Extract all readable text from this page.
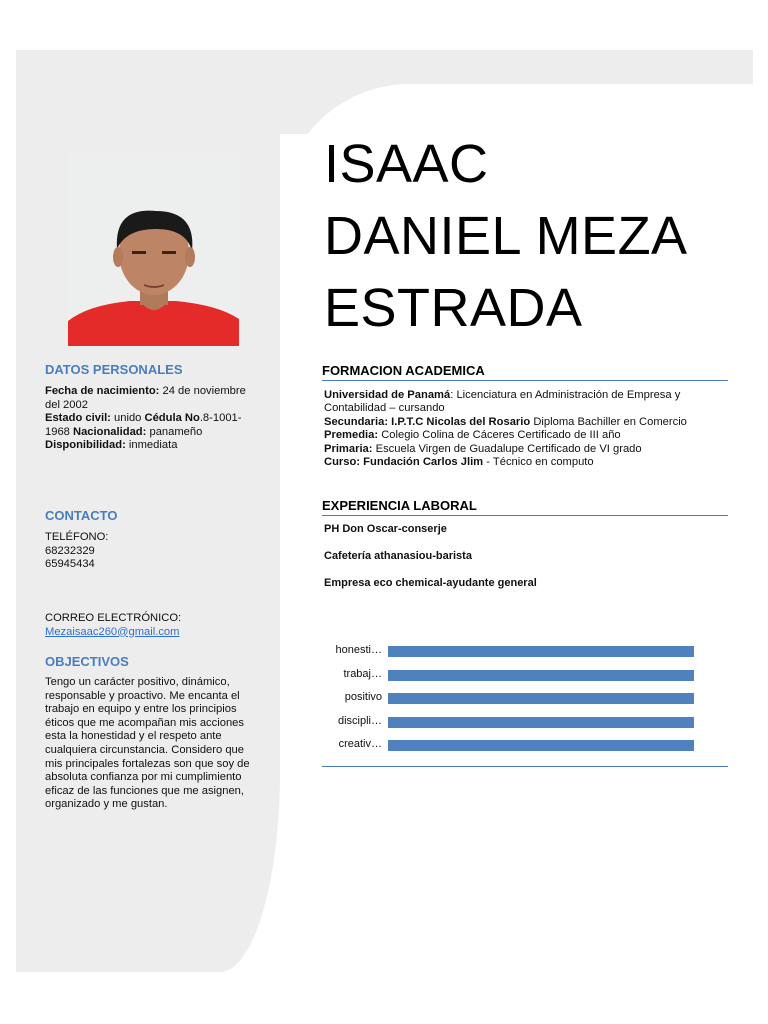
DATOS PERSONALES

Fecha de nacimiento: 24 de noviembre del 2002

Estado civil: unido Cédula No.8-1001-1968 Nacionalidad: panameño

Disponibilidad: inmediata

CONTACTO

TELÉFONO:

68232329

65945434

CORREO ELECTRÓNICO:

Mezaisaac260@gmail.com

OBJECTIVOS
Tengo un carácter positivo, dinámico, responsable y proactivo. Me encanta el trabajo en equipo y entre los principios éticos que me acompañan mis acciones esta la honestidad y el respeto ante cualquiera circunstancia. Considero que mis principales fortalezas son que soy de absoluta confianza por mi cumplimiento eficaz de las funciones que me asignen, organizado y me gustan.
ISAAC
DANIEL MEZA
ESTRADA
FORMACION ACADEMICA

Universidad de Panamá: Licenciatura en Administración de Empresa y Contabilidad – cursando

Secundaria: I.P.T.C Nicolas del Rosario Diploma Bachiller en Comercio

Premedia: Colegio Colina de Cáceres Certificado de III año

Primaria: Escuela Virgen de Guadalupe Certificado de VI grado

Curso: Fundación Carlos Jlim - Técnico en computo

EXPERIENCIA LABORAL
PH Don Oscar-conserje
Cafetería athanasiou-barista
Empresa eco chemical-ayudante general
honesti…
trabaj…
positivo
discipli…
creativ…
